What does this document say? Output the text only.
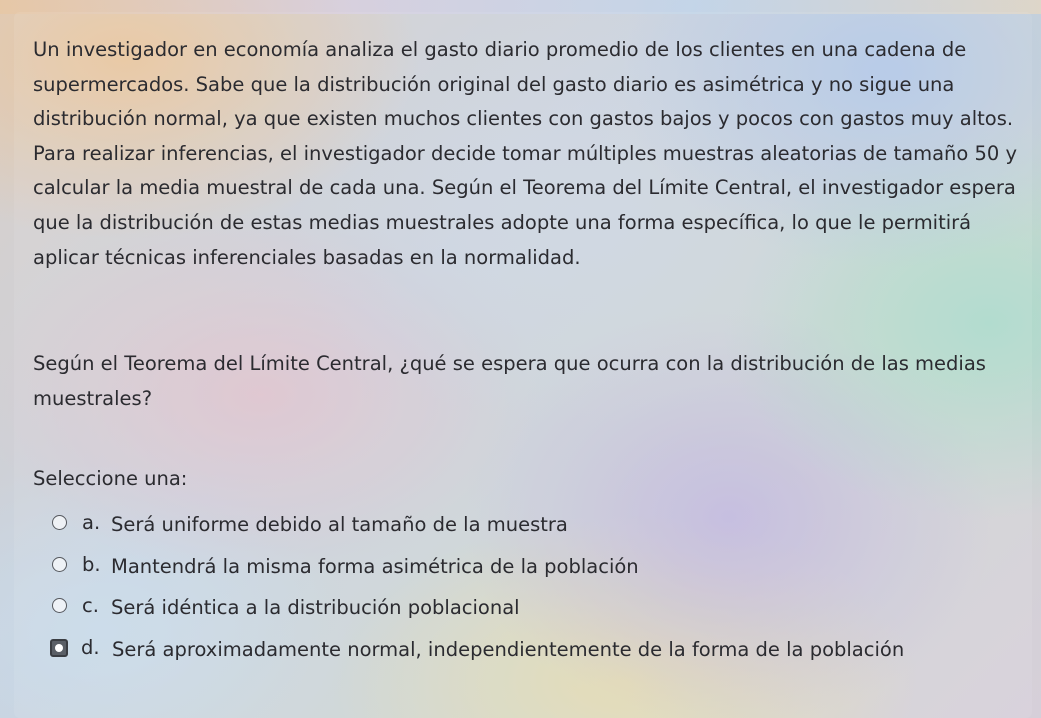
Un investigador en economía analiza el gasto diario promedio de los clientes en una cadena de supermercados. Sabe que la distribución original del gasto diario es asimétrica y no sigue una distribución normal, ya que existen muchos clientes con gastos bajos y pocos con gastos muy altos. Para realizar inferencias, el investigador decide tomar múltiples muestras aleatorias de tamaño 50 y calcular la media muestral de cada una. Según el Teorema del Límite Central, el investigador espera que la distribución de estas medias muestrales adopte una forma específica, lo que le permitirá aplicar técnicas inferenciales basadas en la normalidad.

Según el Teorema del Límite Central, ¿qué se espera que ocurra con la distribución de las medias muestrales?

Seleccione una:
a. Será uniforme debido al tamaño de la muestra
b. Mantendrá la misma forma asimétrica de la población
c. Será idéntica a la distribución poblacional
d. Será aproximadamente normal, independientemente de la forma de la población
